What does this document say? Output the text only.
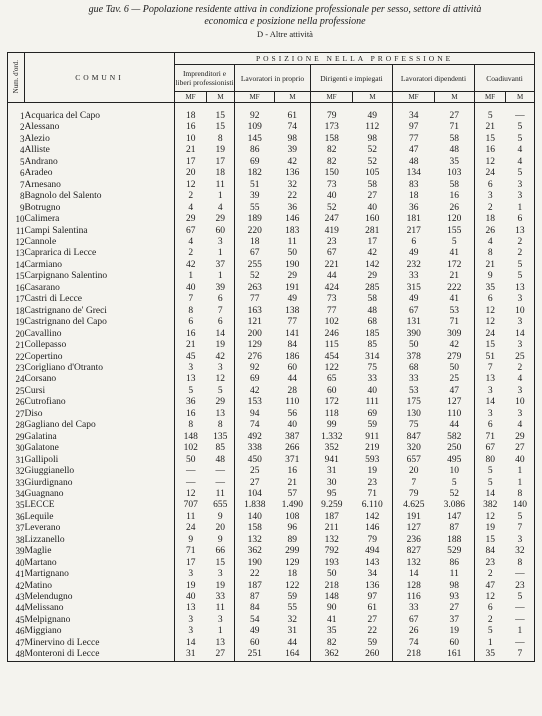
gue Tav. 6 — Popolazione residente attiva in condizione professionale per sesso, settore di attività
economica e posizione nella professione
D - Altre attività
Num. d'ord.	COMUNI	POSIZIONE NELLA PROFESSIONE									
		Imprenditori e liberi professionisti		Lavoratori in proprio		Dirigenti e impiegati		Lavoratori dipendenti		Coadiuvanti	
		MF	M	MF	M	MF	M	MF	M	MF	M
1	Acquarica del Capo	18	15	92	61	79	49	34	27	5	—
2	Alessano	16	15	109	74	173	112	97	71	21	5
3	Alezio	10	8	145	98	158	98	77	58	15	5
4	Alliste	21	19	86	39	82	52	47	48	16	4
5	Andrano	17	17	69	42	82	52	48	35	12	4
6	Aradeo	20	18	182	136	150	105	134	103	24	5
7	Arnesano	12	11	51	32	73	58	83	58	6	3
8	Bagnolo del Salento	2	1	39	22	40	27	18	16	3	3
9	Botrugno	4	4	55	36	52	40	36	26	2	1
10	Calimera	29	29	189	146	247	160	181	120	18	6
11	Campi Salentina	67	60	220	183	419	281	217	155	26	13
12	Cannole	4	3	18	11	23	17	6	5	4	2
13	Caprarica di Lecce	2	1	67	50	67	42	49	41	8	2
14	Carmiano	42	37	255	190	221	142	232	172	21	5
15	Carpignano Salentino	1	1	52	29	44	29	33	21	9	5
16	Casarano	40	39	263	191	424	285	315	222	35	13
17	Castri di Lecce	7	6	77	49	73	58	49	41	6	3
18	Castrignano de' Greci	8	7	163	138	77	48	67	53	12	10
19	Castrignano del Capo	6	6	121	77	102	68	131	71	12	3
20	Cavallino	16	14	200	141	246	185	390	309	24	14
21	Collepasso	21	19	129	84	115	85	50	42	15	3
22	Copertino	45	42	276	186	454	314	378	279	51	25
23	Corigliano d'Otranto	3	3	92	60	122	75	68	50	7	2
24	Corsano	13	12	69	44	65	33	33	25	13	4
25	Cursi	5	5	42	28	60	40	53	47	3	3
26	Cutrofiano	36	29	153	110	172	111	175	127	14	10
27	Diso	16	13	94	56	118	69	130	110	3	3
28	Gagliano del Capo	8	8	74	40	99	59	75	44	6	4
29	Galatina	148	135	492	387	1.332	911	847	582	71	29
30	Galatone	102	85	338	266	352	219	320	250	67	27
31	Gallipoli	50	48	450	371	941	593	657	495	80	40
32	Giuggianello	—	—	25	16	31	19	20	10	5	1
33	Giurdignano	—	—	27	21	30	23	7	5	5	1
34	Guagnano	12	11	104	57	95	71	79	52	14	8
35	LECCE	707	655	1.838	1.490	9.259	6.110	4.625	3.086	382	140
36	Lequile	11	9	140	108	187	142	191	147	12	5
37	Leverano	24	20	158	96	211	146	127	87	19	7
38	Lizzanello	9	9	132	89	132	79	236	188	15	3
39	Maglie	71	66	362	299	792	494	827	529	84	32
40	Martano	17	15	190	129	193	143	132	86	23	8
41	Martignano	3	3	22	18	50	34	14	11	2	—
42	Matino	19	19	187	122	218	136	128	98	47	23
43	Melendugno	40	33	87	59	148	97	116	93	12	5
44	Melissano	13	11	84	55	90	61	33	27	6	—
45	Melpignano	3	3	54	32	41	27	67	37	2	—
46	Miggiano	3	1	49	31	35	22	26	19	5	1
47	Minervino di Lecce	14	13	60	44	82	59	74	60	1	—
48	Monteroni di Lecce	31	27	251	164	362	260	218	161	35	7
